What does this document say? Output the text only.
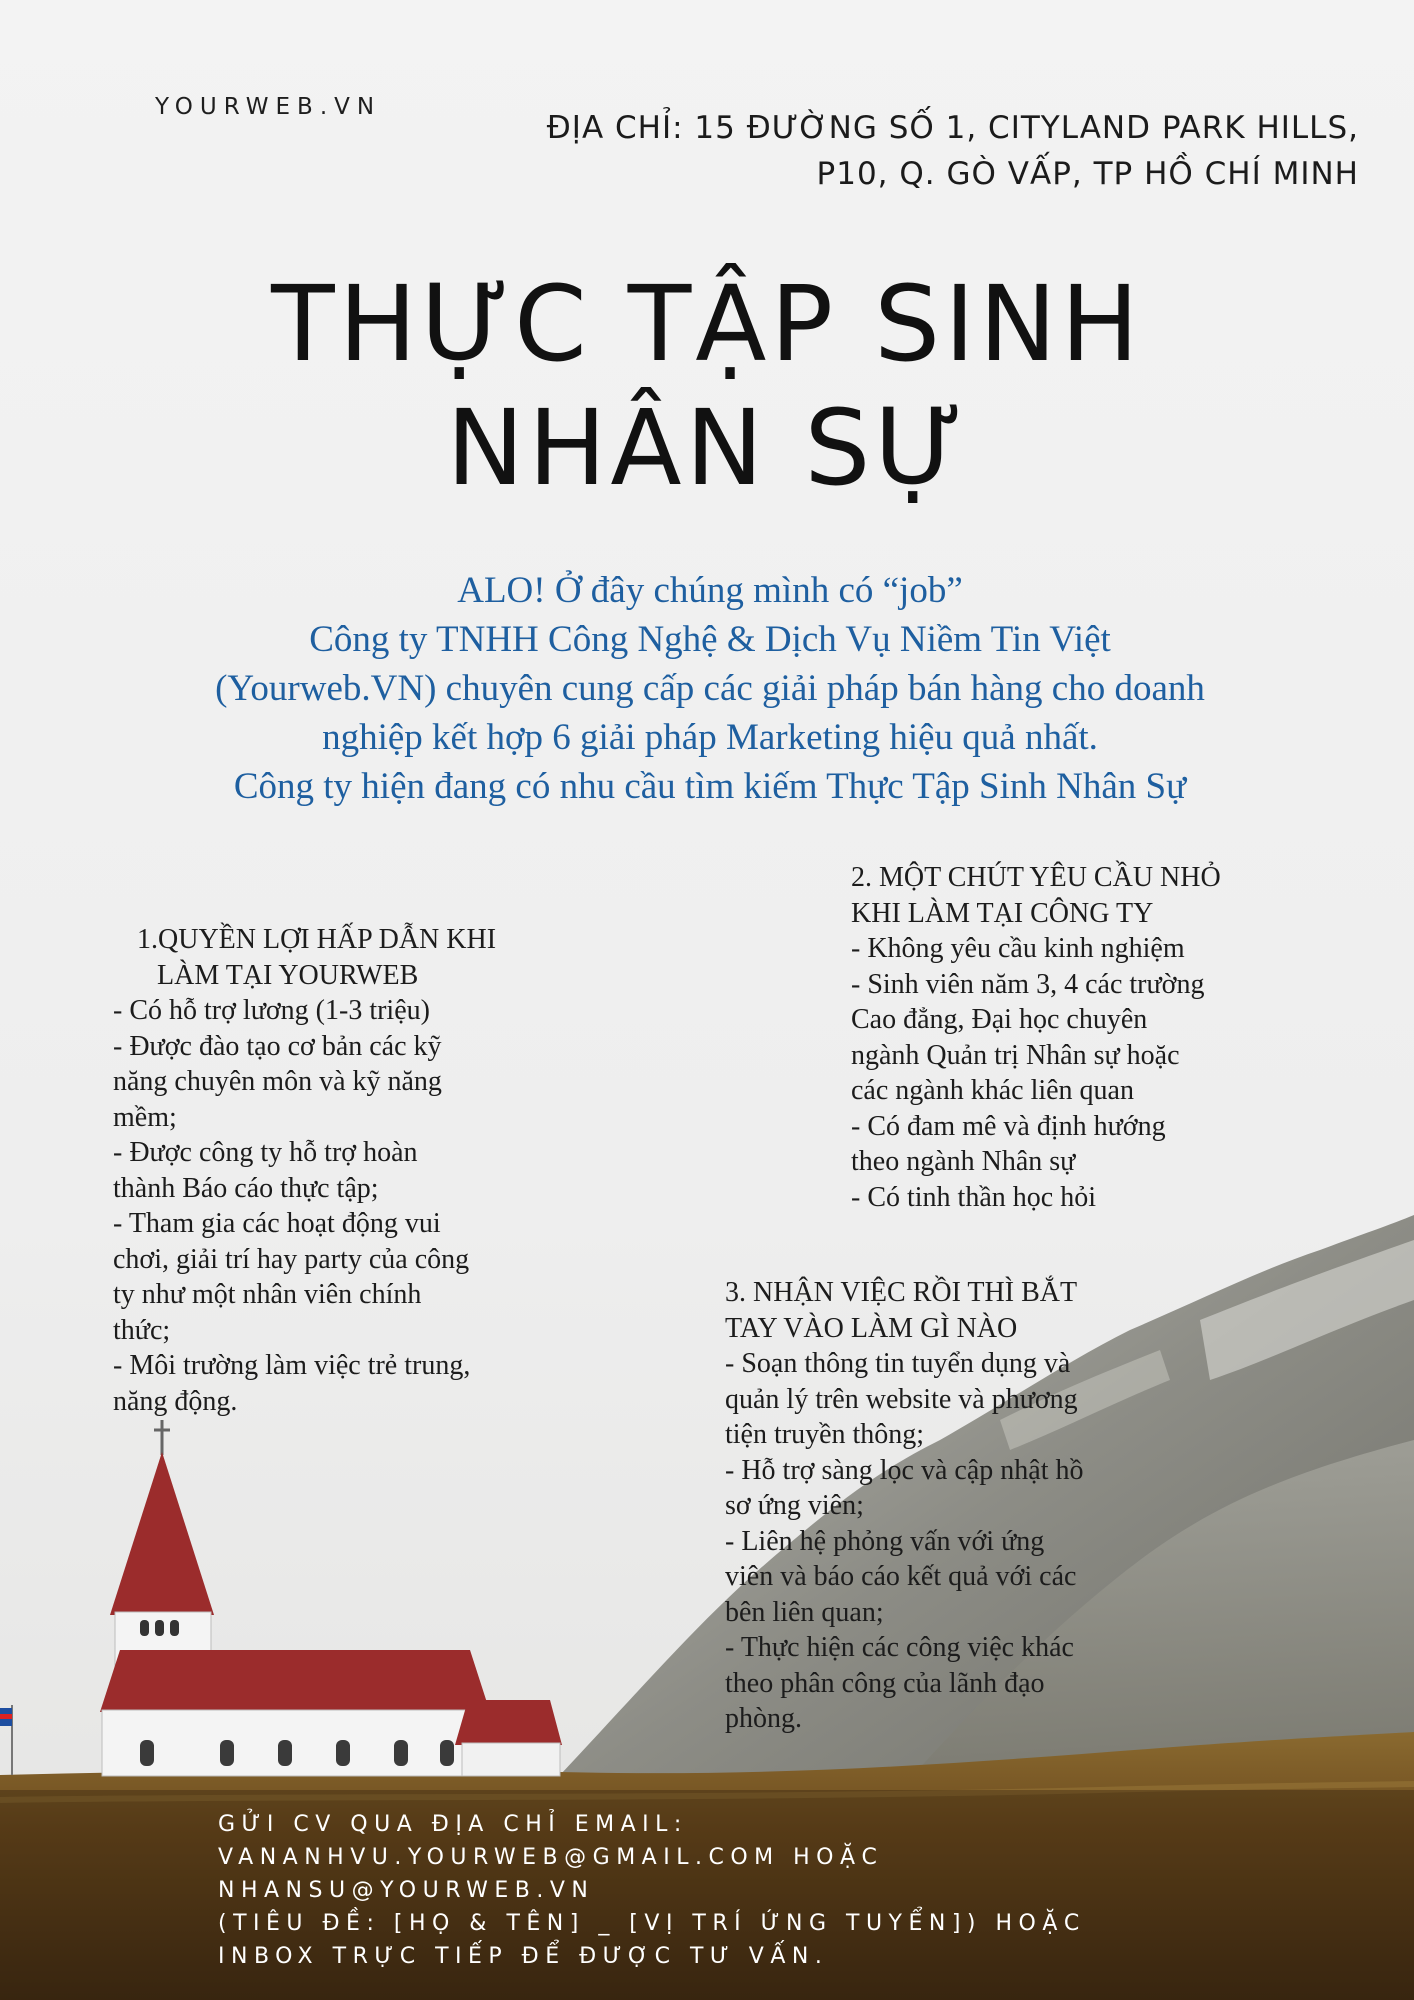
YOURWEB.VN

ĐỊA CHỈ: 15 ĐƯỜNG SỐ 1, CITYLAND PARK HILLS,
P10, Q. GÒ VẤP, TP HỒ CHÍ MINH

THỰC TẬP SINH
NHÂN SỰ

ALO! Ở đây chúng mình có “job”
Công ty TNHH Công Nghệ & Dịch Vụ Niềm Tin Việt
(Yourweb.VN) chuyên cung cấp các giải pháp bán hàng cho doanh
nghiệp kết hợp 6 giải pháp Marketing hiệu quả nhất.
Công ty hiện đang có nhu cầu tìm kiếm Thực Tập Sinh Nhân Sự

1.QUYỀN LỢI HẤP DẪN KHI
LÀM TẠI YOURWEB
- Có hỗ trợ lương (1-3 triệu)
- Được đào tạo cơ bản các kỹ
năng chuyên môn và kỹ năng
mềm;
- Được công ty hỗ trợ hoàn
thành Báo cáo thực tập;
- Tham gia các hoạt động vui
chơi, giải trí hay party của công
ty như một nhân viên chính
thức;
- Môi trường làm việc trẻ trung,
năng động.
2. MỘT CHÚT YÊU CẦU NHỎ
KHI LÀM TẠI CÔNG TY
- Không yêu cầu kinh nghiệm
- Sinh viên năm 3, 4 các trường
Cao đẳng, Đại học chuyên
ngành Quản trị Nhân sự hoặc
các ngành khác liên quan
- Có đam mê và định hướng
theo ngành Nhân sự
- Có tinh thần học hỏi
3. NHẬN VIỆC RỒI THÌ BẮT
TAY VÀO LÀM GÌ NÀO
- Soạn thông tin tuyển dụng và
quản lý trên website và phương
tiện truyền thông;
- Hỗ trợ sàng lọc và cập nhật hồ
sơ ứng viên;
- Liên hệ phỏng vấn với ứng
viên và báo cáo kết quả với các
bên liên quan;
- Thực hiện các công việc khác
theo phân công của lãnh đạo
phòng.

GỬI CV QUA ĐỊA CHỈ EMAIL:
VANANHVU.YOURWEB@GMAIL.COM HOẶC
NHANSU@YOURWEB.VN
(TIÊU ĐỀ: [HỌ & TÊN] _ [VỊ TRÍ ỨNG TUYỂN]) HOẶC
INBOX TRỰC TIẾP ĐỂ ĐƯỢC TƯ VẤN.
